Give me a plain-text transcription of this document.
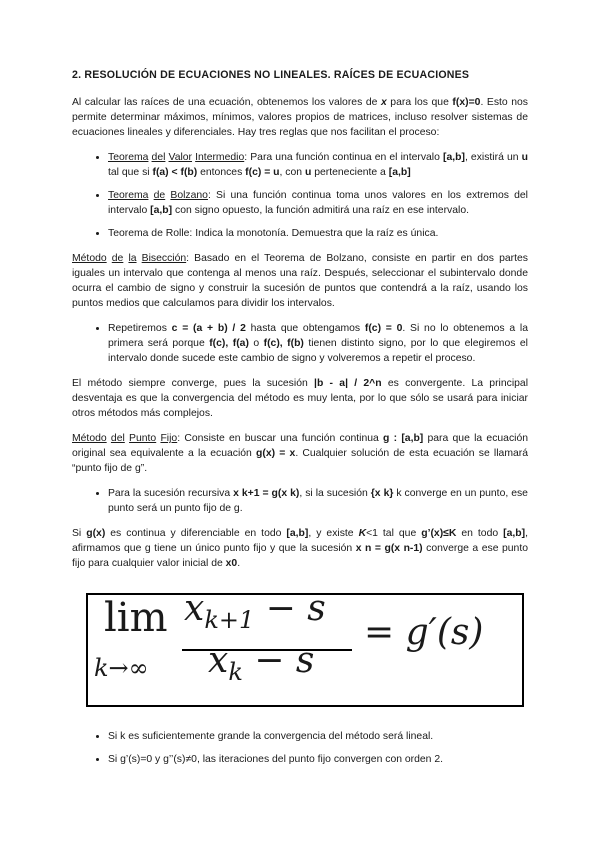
2. RESOLUCIÓN DE ECUACIONES NO LINEALES. RAÍCES DE ECUACIONES

Al calcular las raíces de una ecuación, obtenemos los valores de x para los que f(x)=0. Esto nos permite determinar máximos, mínimos, valores propios de matrices, incluso resolver sistemas de ecuaciones lineales y diferenciales. Hay tres reglas que nos facilitan el proceso:

• Teorema del Valor Intermedio: Para una función continua en el intervalo [a,b], existirá un u tal que si f(a) < f(b) entonces f(c) = u, con u perteneciente a [a,b]
• Teorema de Bolzano: Si una función continua toma unos valores en los extremos del intervalo [a,b] con signo opuesto, la función admitirá una raíz en ese intervalo.
• Teorema de Rolle: Indica la monotonía. Demuestra que la raíz es única.

Método de la Bisección: Basado en el Teorema de Bolzano, consiste en partir en dos partes iguales un intervalo que contenga al menos una raíz. Después, seleccionar el subintervalo donde ocurra el cambio de signo y construir la sucesión de puntos que contendrá a la raíz, usando los puntos medios que calculamos para dividir los intervalos.

• Repetiremos c = (a + b) / 2 hasta que obtengamos f(c) = 0. Si no lo obtenemos a la primera será porque f(c), f(a) o f(c), f(b) tienen distinto signo, por lo que elegiremos el intervalo donde sucede este cambio de signo y volveremos a repetir el proceso.

El método siempre converge, pues la sucesión |b - a| / 2^n es convergente. La principal desventaja es que la convergencia del método es muy lenta, por lo que sólo se usará para iniciar otros métodos más complejos.

Método del Punto Fijo: Consiste en buscar una función continua g : [a,b] para que la ecuación original sea equivalente a la ecuación g(x) = x. Cualquier solución de esta ecuación se llamará “punto fijo de g”.

• Para la sucesión recursiva x k+1 = g(x k), si la sucesión {x k} k converge en un punto, ese punto será un punto fijo de g.

Si g(x) es continua y diferenciable en todo [a,b], y existe K<1 tal que g’(x)≤K en todo [a,b], afirmamos que g tiene un único punto fijo y que la sucesión x n = g(x n-1) converge a ese punto fijo para cualquier valor inicial de x0.

lim
k→∞
$x_{k+1} - s$
$x_k - s$
= g′(s)
• Si k es suficientemente grande la convergencia del método será lineal.
• Si g’(s)=0 y g’’(s)≠0, las iteraciones del punto fijo convergen con orden 2.
